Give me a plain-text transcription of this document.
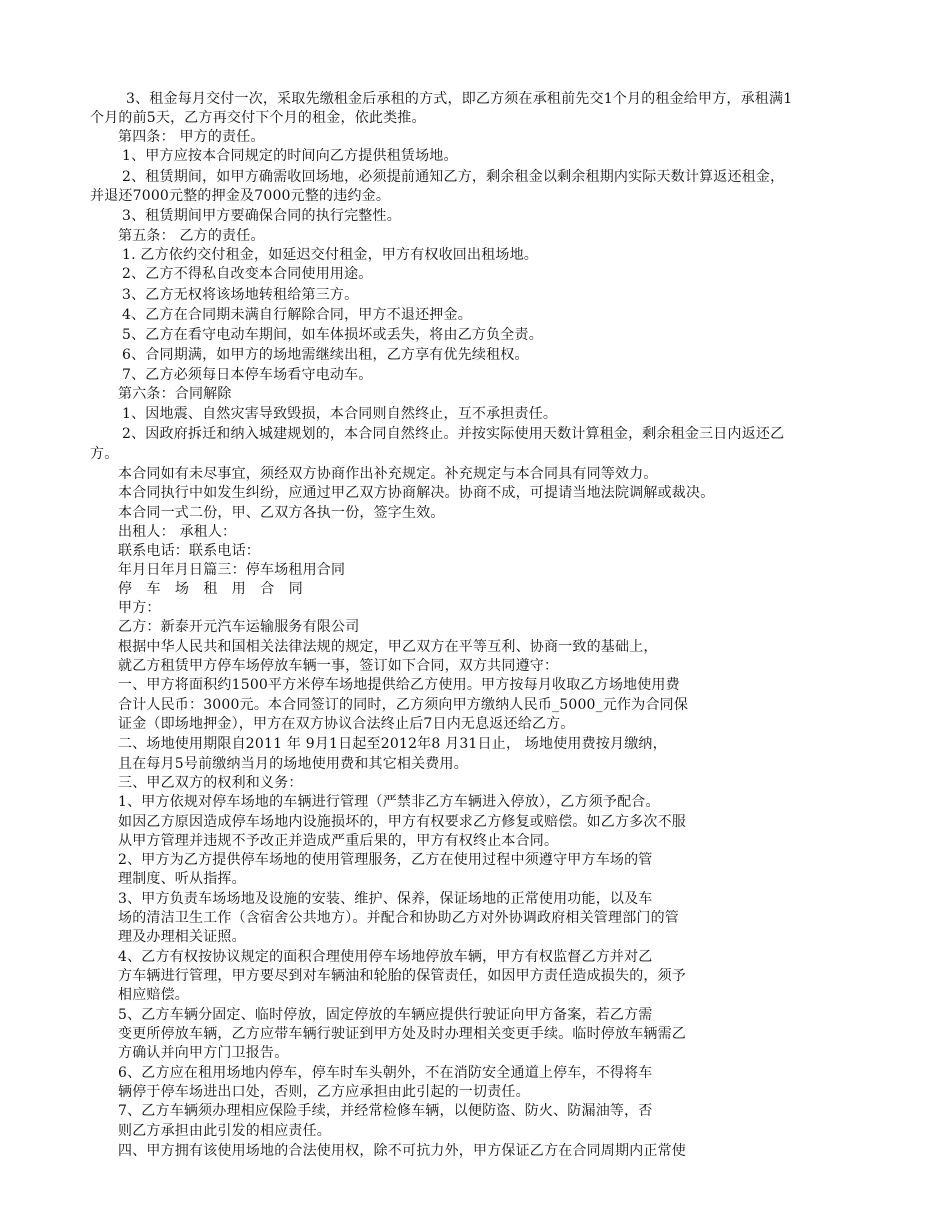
3、租金每月交付一次，采取先缴租金后承租的方式，即乙方须在承租前先交1个月的租金给甲方，承租满1
个月的前5天，乙方再交付下个月的租金，依此类推。
第四条： 甲方的责任。
1、甲方应按本合同规定的时间向乙方提供租赁场地。
2、租赁期间，如甲方确需收回场地，必须提前通知乙方，剩余租金以剩余租期内实际天数计算返还租金，
并退还7000元整的押金及7000元整的违约金。
3、租赁期间甲方要确保合同的执行完整性。
第五条： 乙方的责任。
1. 乙方依约交付租金，如延迟交付租金，甲方有权收回出租场地。
2、乙方不得私自改变本合同使用用途。
3、乙方无权将该场地转租给第三方。
4、乙方在合同期未满自行解除合同，甲方不退还押金。
5、乙方在看守电动车期间，如车体损坏或丢失，将由乙方负全责。
6、合同期满，如甲方的场地需继续出租，乙方享有优先续租权。
7、乙方必须每日本停车场看守电动车。
第六条：合同解除
1、因地震、自然灾害导致毁损，本合同则自然终止，互不承担责任。
2、因政府拆迁和纳入城建规划的，本合同自然终止。并按实际使用天数计算租金，剩余租金三日内返还乙
方。
本合同如有未尽事宜，须经双方协商作出补充规定。补充规定与本合同具有同等效力。
本合同执行中如发生纠纷，应通过甲乙双方协商解决。协商不成，可提请当地法院调解或裁决。
本合同一式二份，甲、乙双方各执一份，签字生效。
出租人： 承租人：
联系电话：联系电话：
年月日年月日篇三：停车场租用合同
停 车 场 租 用 合 同
甲方：
乙方：新泰开元汽车运输服务有限公司
根据中华人民共和国相关法律法规的规定，甲乙双方在平等互利、协商一致的基础上，
就乙方租赁甲方停车场停放车辆一事，签订如下合同，双方共同遵守：
一、甲方将面积约1500平方米停车场地提供给乙方使用。甲方按每月收取乙方场地使用费
合计人民币：3000元。本合同签订的同时，乙方须向甲方缴纳人民币_5000_元作为合同保
证金（即场地押金），甲方在双方协议合法终止后7日内无息返还给乙方。
二、场地使用期限自2011 年 9月1日起至2012年8 月31日止， 场地使用费按月缴纳，
且在每月5号前缴纳当月的场地使用费和其它相关费用。
三、甲乙双方的权利和义务：
1、甲方依规对停车场地的车辆进行管理（严禁非乙方车辆进入停放），乙方须予配合。
如因乙方原因造成停车场地内设施损坏的，甲方有权要求乙方修复或赔偿。如乙方多次不服
从甲方管理并违规不予改正并造成严重后果的，甲方有权终止本合同。
2、甲方为乙方提供停车场地的使用管理服务，乙方在使用过程中须遵守甲方车场的管
理制度、听从指挥。
3、甲方负责车场场地及设施的安装、维护、保养，保证场地的正常使用功能，以及车
场的清洁卫生工作（含宿舍公共地方）。并配合和协助乙方对外协调政府相关管理部门的管
理及办理相关证照。
4、乙方有权按协议规定的面积合理使用停车场地停放车辆，甲方有权监督乙方并对乙
方车辆进行管理，甲方要尽到对车辆油和轮胎的保管责任，如因甲方责任造成损失的，须予
相应赔偿。
5、乙方车辆分固定、临时停放，固定停放的车辆应提供行驶证向甲方备案，若乙方需
变更所停放车辆，乙方应带车辆行驶证到甲方处及时办理相关变更手续。临时停放车辆需乙
方确认并向甲方门卫报告。
6、乙方应在租用场地内停车，停车时车头朝外，不在消防安全通道上停车，不得将车
辆停于停车场进出口处，否则，乙方应承担由此引起的一切责任。
7、乙方车辆须办理相应保险手续，并经常检修车辆，以便防盗、防火、防漏油等，否
则乙方承担由此引发的相应责任。
四、甲方拥有该使用场地的合法使用权，除不可抗力外，甲方保证乙方在合同周期内正常使
